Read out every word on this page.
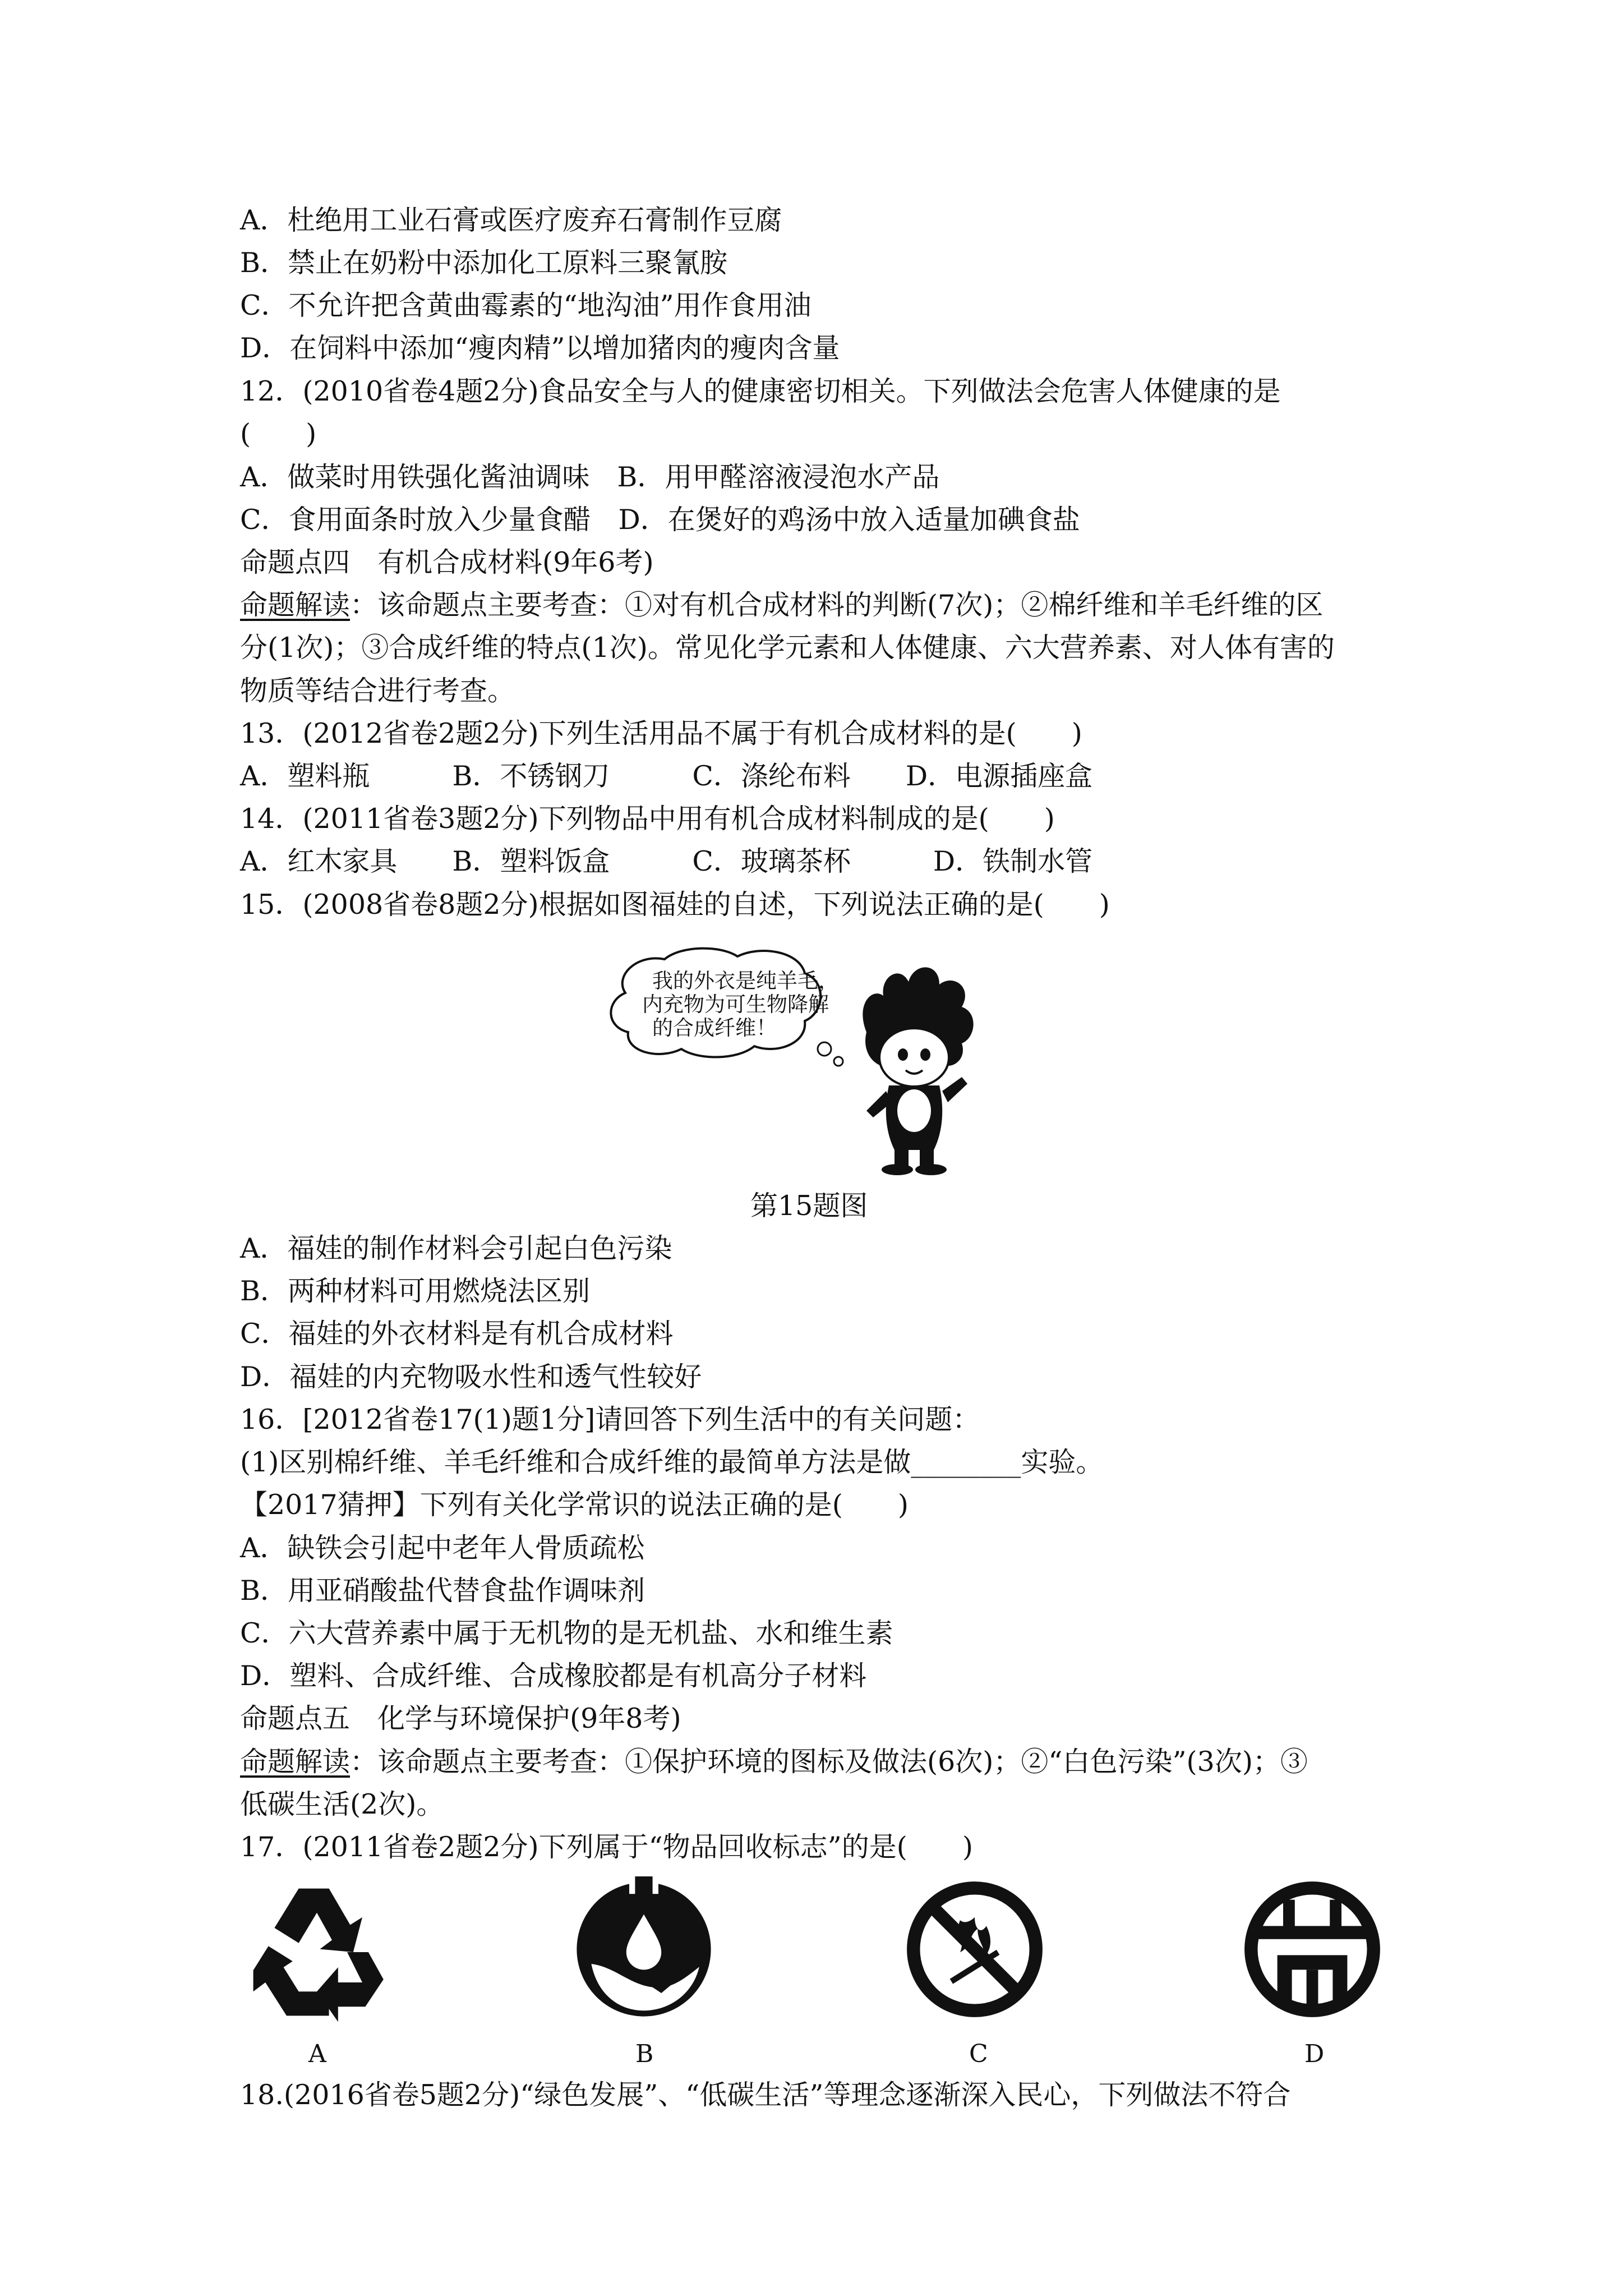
A．杜绝用工业石膏或医疗废弃石膏制作豆腐
B．禁止在奶粉中添加化工原料三聚氰胺
C．不允许把含黄曲霉素的“地沟油”用作食用油
D．在饲料中添加“瘦肉精”以增加猪肉的瘦肉含量
12．(2010省卷4题2分)食品安全与人的健康密切相关。下列做法会危害人体健康的是
(　　)
A．做菜时用铁强化酱油调味　B．用甲醛溶液浸泡水产品
C．食用面条时放入少量食醋　D．在煲好的鸡汤中放入适量加碘食盐
命题点四　有机合成材料(9年6考)
命题解读：该命题点主要考查：①对有机合成材料的判断(7次)；②棉纤维和羊毛纤维的区
分(1次)；③合成纤维的特点(1次)。常见化学元素和人体健康、六大营养素、对人体有害的
物质等结合进行考查。
13．(2012省卷2题2分)下列生活用品不属于有机合成材料的是(　　)
A．塑料瓶　　　B．不锈钢刀　　　C．涤纶布料　　D．电源插座盒
14．(2011省卷3题2分)下列物品中用有机合成材料制成的是(　　)
A．红木家具　　B．塑料饭盒　　　C．玻璃茶杯　　　D．铁制水管
15．(2008省卷8题2分)根据如图福娃的自述，下列说法正确的是(　　)
我的外衣是纯羊毛，
内充物为可生物降解
的合成纤维！
第15题图
A．福娃的制作材料会引起白色污染
B．两种材料可用燃烧法区别
C．福娃的外衣材料是有机合成材料
D．福娃的内充物吸水性和透气性较好
16．[2012省卷17(1)题1分]请回答下列生活中的有关问题：
(1)区别棉纤维、羊毛纤维和合成纤维的最简单方法是做________实验。
【2017猜押】下列有关化学常识的说法正确的是(　　)
A．缺铁会引起中老年人骨质疏松
B．用亚硝酸盐代替食盐作调味剂
C．六大营养素中属于无机物的是无机盐、水和维生素
D．塑料、合成纤维、合成橡胶都是有机高分子材料
命题点五　化学与环境保护(9年8考)
命题解读：该命题点主要考查：①保护环境的图标及做法(6次)；②“白色污染”(3次)；③
低碳生活(2次)。
17．(2011省卷2题2分)下列属于“物品回收标志”的是(　　)
A	B	C	D
18.(2016省卷5题2分)“绿色发展”、“低碳生活”等理念逐渐深入民心，下列做法不符合
